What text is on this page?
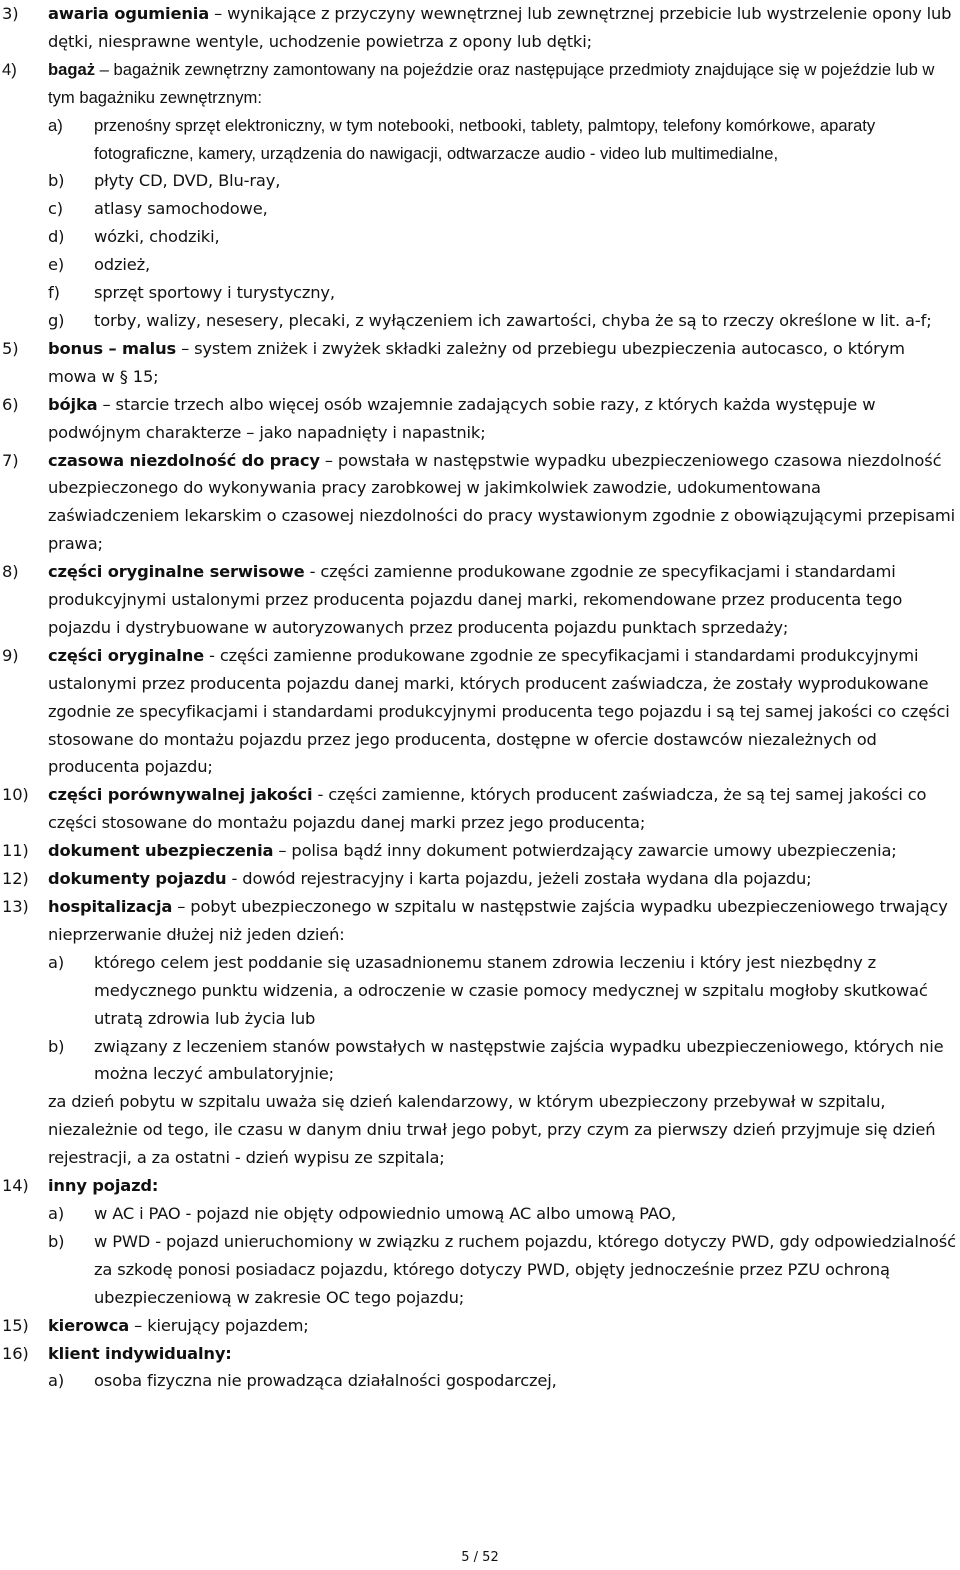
3)	awaria ogumienia – wynikające z przyczyny wewnętrznej lub zewnętrznej przebicie lub wystrzelenie opony lub dętki, niesprawne wentyle, uchodzenie powietrza z opony lub dętki;
4)	bagaż – bagażnik zewnętrzny zamontowany na pojeździe oraz następujące przedmioty znajdujące się w pojeździe lub w tym bagażniku zewnętrznym:
a)	przenośny sprzęt elektroniczny, w tym notebooki, netbooki, tablety, palmtopy, telefony komórkowe, aparaty fotograficzne, kamery, urządzenia do nawigacji, odtwarzacze audio - video lub multimedialne,
b)	płyty CD, DVD, Blu-ray,
c)	atlasy samochodowe,
d)	wózki, chodziki,
e)	odzież,
f)	sprzęt sportowy i turystyczny,
g)	torby, walizy, nesesery, plecaki, z wyłączeniem ich zawartości, chyba że są to rzeczy określone w lit. a-f;
5)	bonus – malus – system zniżek i zwyżek składki zależny od przebiegu ubezpieczenia autocasco, o którym mowa w § 15;
6)	bójka – starcie trzech albo więcej osób wzajemnie zadających sobie razy, z których każda występuje w podwójnym charakterze – jako napadnięty i napastnik;
7)	czasowa niezdolność do pracy – powstała w następstwie wypadku ubezpieczeniowego czasowa niezdolność ubezpieczonego do wykonywania pracy zarobkowej w jakimkolwiek zawodzie, udokumentowana zaświadczeniem lekarskim o czasowej niezdolności do pracy wystawionym zgodnie z obowiązującymi przepisami prawa;
8)	części oryginalne serwisowe - części zamienne produkowane zgodnie ze specyfikacjami i standardami produkcyjnymi ustalonymi przez producenta pojazdu danej marki, rekomendowane przez producenta tego pojazdu i dystrybuowane w autoryzowanych przez producenta pojazdu punktach sprzedaży;
9)	części oryginalne - części zamienne produkowane zgodnie ze specyfikacjami i standardami produkcyjnymi ustalonymi przez producenta pojazdu danej marki, których producent zaświadcza, że zostały wyprodukowane zgodnie ze specyfikacjami i standardami produkcyjnymi producenta tego pojazdu i są tej samej jakości co części stosowane do montażu pojazdu przez jego producenta, dostępne w ofercie dostawców niezależnych od producenta pojazdu;
10)	części porównywalnej jakości - części zamienne, których producent zaświadcza, że są tej samej jakości co części stosowane do montażu pojazdu danej marki przez jego producenta;
11)	dokument ubezpieczenia – polisa bądź inny dokument potwierdzający zawarcie umowy ubezpieczenia;
12)	dokumenty pojazdu - dowód rejestracyjny i karta pojazdu, jeżeli została wydana dla pojazdu;
13)	hospitalizacja – pobyt ubezpieczonego w szpitalu w następstwie zajścia wypadku ubezpieczeniowego trwający nieprzerwanie dłużej niż jeden dzień:
a)	którego celem jest poddanie się uzasadnionemu stanem zdrowia leczeniu i który jest niezbędny z medycznego punktu widzenia, a odroczenie w czasie pomocy medycznej w szpitalu mogłoby skutkować utratą zdrowia lub życia lub
b)	związany z leczeniem stanów powstałych w następstwie zajścia wypadku ubezpieczeniowego, których nie można leczyć ambulatoryjnie;
za dzień pobytu w szpitalu uważa się dzień kalendarzowy, w którym ubezpieczony przebywał w szpitalu, niezależnie od tego, ile czasu w danym dniu trwał jego pobyt, przy czym za pierwszy dzień przyjmuje się dzień rejestracji, a za ostatni - dzień wypisu ze szpitala;
14)	inny pojazd:
a)	w AC i PAO - pojazd nie objęty odpowiednio umową AC albo umową PAO,
b)	w PWD - pojazd unieruchomiony w związku z ruchem pojazdu, którego dotyczy PWD, gdy odpowiedzialność za szkodę ponosi posiadacz pojazdu, którego dotyczy PWD, objęty jednocześnie przez PZU ochroną ubezpieczeniową w zakresie OC tego pojazdu;
15)	kierowca – kierujący pojazdem;
16)	klient indywidualny:
a)	osoba fizyczna nie prowadząca działalności gospodarczej,
5 / 52
